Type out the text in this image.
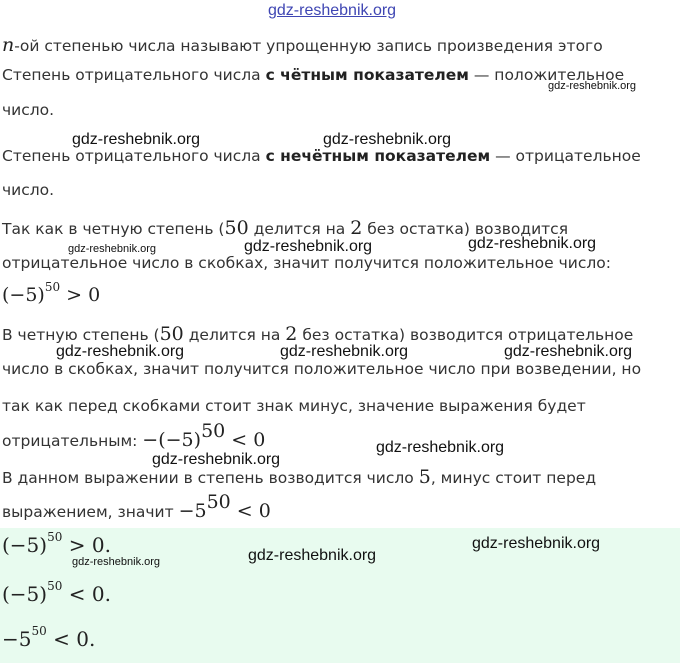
gdz-reshebnik.org
n-ой степенью числа называют упрощенную запись произведения этого
Степень отрицательного числа с чётным показателем — положительное
число.
Степень отрицательного числа с нечётным показателем — отрицательное
число.
Так как в четную степень (50 делится на 2 без остатка) возводится
отрицательное число в скобках, значит получится положительное число:
$(-5)^{50} > 0$
В четную степень (50 делится на 2 без остатка) возводится отрицательное
число в скобках, значит получится положительное число при возведении, но
так как перед скобками стоит знак минус, значение выражения будет
отрицательным: $-(-5)^{50} < 0$
В данном выражении в степень возводится число 5, минус стоит перед
выражением, значит $-5^{50} < 0$
$(-5)^{50} > 0$.
$(-5)^{50} < 0$.
$-5^{50} < 0$.
gdz-reshebnik.org
gdz-reshebnik.org	gdz-reshebnik.org
gdz-reshebnik.org	gdz-reshebnik.org	gdz-reshebnik.org
gdz-reshebnik.org	gdz-reshebnik.org	gdz-reshebnik.org
gdz-reshebnik.org
gdz-reshebnik.org
gdz-reshebnik.org
gdz-reshebnik.org
gdz-reshebnik.org
